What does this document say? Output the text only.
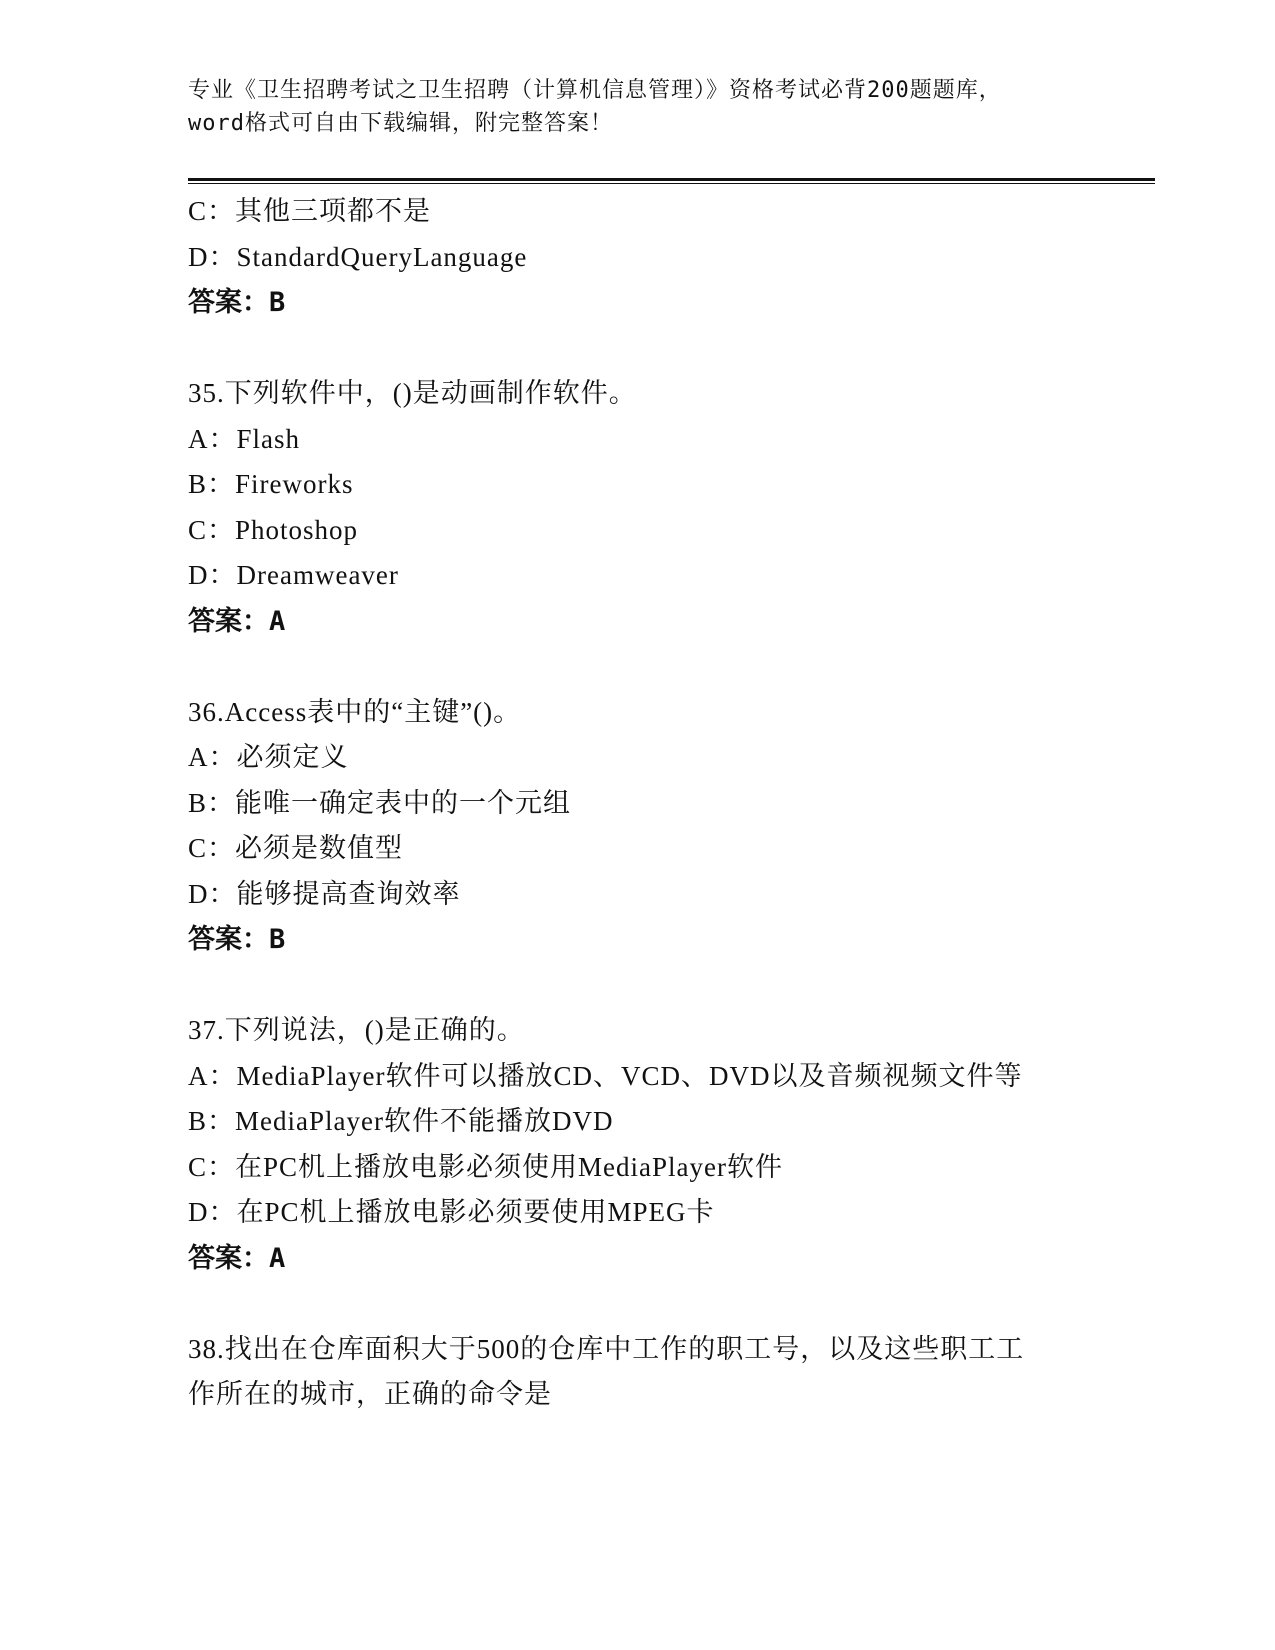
专业《卫生招聘考试之卫生招聘（计算机信息管理）》资格考试必背200题题库，
word格式可自由下载编辑，附完整答案！
C：其他三项都不是
D：StandardQueryLanguage
答案：B
35.下列软件中，()是动画制作软件。
A：Flash
B：Fireworks
C：Photoshop
D：Dreamweaver
答案：A
36.Access表中的“主键”()。
A：必须定义
B：能唯一确定表中的一个元组
C：必须是数值型
D：能够提高查询效率
答案：B
37.下列说法，()是正确的。
A：MediaPlayer软件可以播放CD、VCD、DVD以及音频视频文件等
B：MediaPlayer软件不能播放DVD
C：在PC机上播放电影必须使用MediaPlayer软件
D：在PC机上播放电影必须要使用MPEG卡
答案：A
38.找出在仓库面积大于500的仓库中工作的职工号，以及这些职工工
作所在的城市，正确的命令是
